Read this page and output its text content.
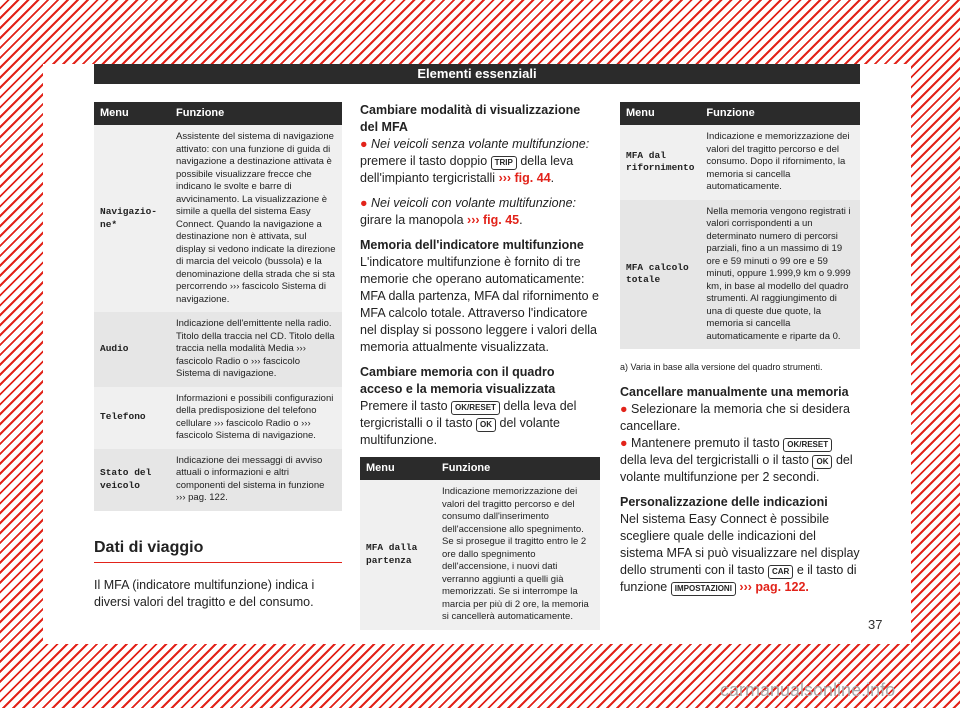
Elementi essenziali
Menu	Funzione
Navigazio-ne*	Assistente del sistema di navigazione attivato: con una funzione di guida di navigazione a destinazione attivata è possibile visualizzare frecce che indicano le svolte e barre di avvicinamento. La visualizzazione è simile a quella del sistema Easy Connect. Quando la navigazione a destinazione non è attivata, sul display si vedono indicate la direzione di marcia del veicolo (bussola) e la denominazione della strada che si sta percorrendo ››› fascicolo Sistema di navigazione.
Audio	Indicazione dell'emittente nella radio. Titolo della traccia nel CD. Titolo della traccia nella modalità Media ››› fascicolo Radio o ››› fascicolo Sistema di navigazione.
Telefono	Informazioni e possibili configurazioni della predisposizione del telefono cellulare ››› fascicolo Radio o ››› fascicolo Sistema di navigazione.
Stato del veicolo	Indicazione dei messaggi di avviso attuali o informazioni e altri componenti del sistema in funzione ››› pag. 122.
Dati di viaggio

Il MFA (indicatore multifunzione) indica i diversi valori del tragitto e del consumo.

Cambiare modalità di visualizzazione del MFA

● Nei veicoli senza volante multifunzione: premere il tasto doppio TRIP della leva dell'impianto tergicristalli ››› fig. 44.

● Nei veicoli con volante multifunzione: girare la manopola ››› fig. 45.

Memoria dell'indicatore multifunzione

L'indicatore multifunzione è fornito di tre memorie che operano automaticamente: MFA dalla partenza, MFA dal rifornimento e MFA calcolo totale. Attraverso l'indicatore nel display si possono leggere i valori della memoria attualmente visualizzata.

Cambiare memoria con il quadro acceso e la memoria visualizzata

Premere il tasto OK/RESET della leva del tergicristalli o il tasto OK del volante multifunzione.

Menu	Funzione
MFA dalla partenza	Indicazione memorizzazione dei valori del tragitto percorso e del consumo dall'inserimento dell'accensione allo spegnimento. Se si prosegue il tragitto entro le 2 ore dallo spegnimento dell'accensione, i nuovi dati verranno aggiunti a quelli già memorizzati. Se si interrompe la marcia per più di 2 ore, la memoria si cancellerà automaticamente.
Menu	Funzione
MFA dal rifornimento	Indicazione e memorizzazione dei valori del tragitto percorso e del consumo. Dopo il rifornimento, la memoria si cancella automaticamente.
MFA calcolo totale	Nella memoria vengono registrati i valori corrispondenti a un determinato numero di percorsi parziali, fino a un massimo di 19 ore e 59 minuti o 99 ore e 59 minuti, oppure 1.999,9 km o 9.999 km, in base al modello del quadro strumenti. Al raggiungimento di una di queste due quote, la memoria si cancella automaticamente e riparte da 0.

a) Varia in base alla versione del quadro strumenti.

Cancellare manualmente una memoria

● Selezionare la memoria che si desidera cancellare.

● Mantenere premuto il tasto OK/RESET della leva del tergicristalli o il tasto OK del volante multifunzione per 2 secondi.

Personalizzazione delle indicazioni

Nel sistema Easy Connect è possibile scegliere quale delle indicazioni del sistema MFA si può visualizzare nel display dello strumenti con il tasto CAR e il tasto di funzione IMPOSTAZIONI ››› pag. 122.

37
carmanualsonline.info
